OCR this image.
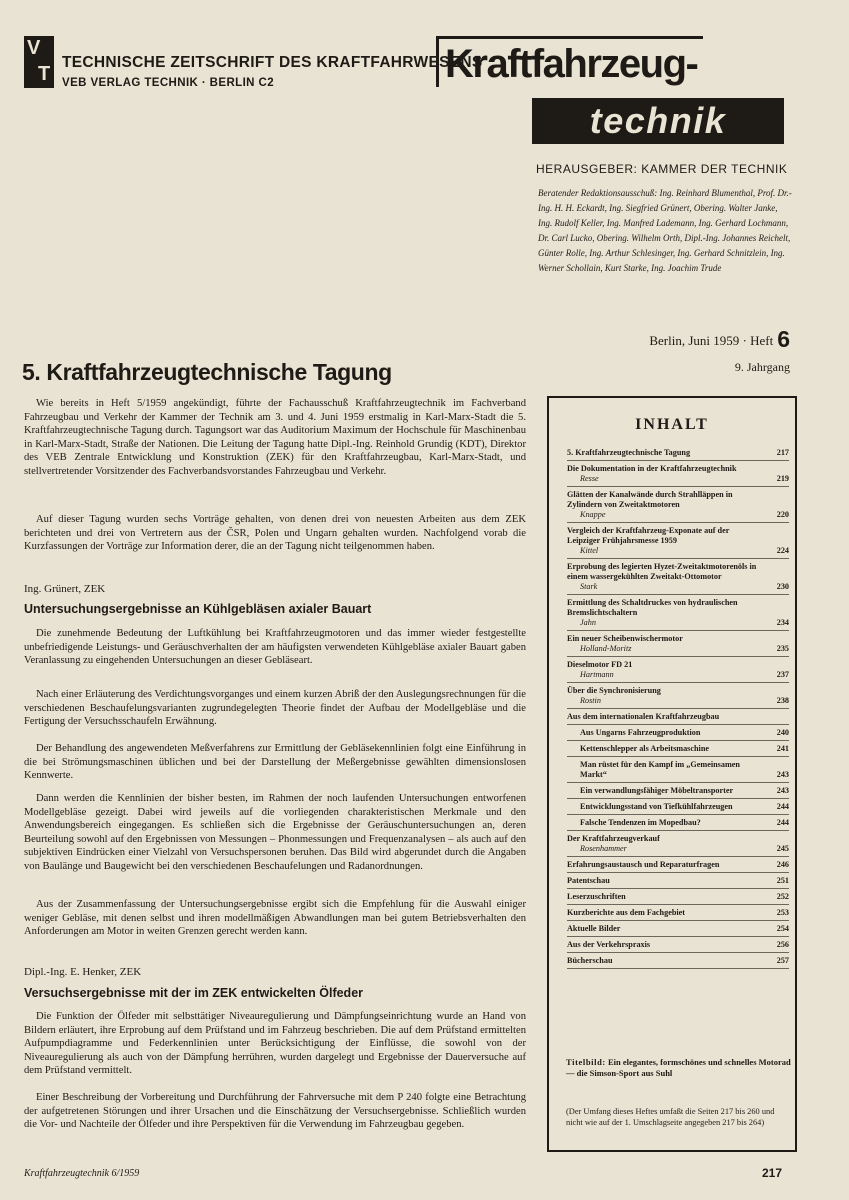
V
T
TECHNISCHE ZEITSCHRIFT DES KRAFTFAHRWESENS
VEB VERLAG TECHNIK · BERLIN C2	Kraftfahrzeug-
technik
HERAUSGEBER: KAMMER DER TECHNIK
Beratender Redaktionsausschuß: Ing. Reinhard Blumenthal, Prof. Dr.-Ing. H. H. Eckardt, Ing. Siegfried Grünert, Obering. Walter Janke, Ing. Rudolf Keller, Ing. Manfred Lademann, Ing. Gerhard Lochmann, Dr. Carl Lucko, Obering. Wilhelm Orth, Dipl.-Ing. Johannes Reichelt, Günter Rolle, Ing. Arthur Schlesinger, Ing. Gerhard Schnitzlein, Ing. Werner Schollain, Kurt Starke, Ing. Joachim Trude
Berlin, Juni 1959 · Heft 6
9. Jahrgang
5. Kraftfahrzeugtechnische Tagung

Wie bereits in Heft 5/1959 angekündigt, führte der Fachausschuß Kraftfahrzeugtechnik im Fachverband Fahrzeugbau und Verkehr der Kammer der Technik am 3. und 4. Juni 1959 erstmalig in Karl-Marx-Stadt die 5. Kraftfahrzeugtechnische Tagung durch. Tagungsort war das Auditorium Maximum der Hochschule für Maschinenbau in Karl-Marx-Stadt, Straße der Nationen. Die Leitung der Tagung hatte Dipl.-Ing. Reinhold Grundig (KDT), Direktor des VEB Zentrale Entwicklung und Konstruktion (ZEK) für den Kraftfahrzeugbau, Karl-Marx-Stadt, und stellvertretender Vorsitzender des Fachverbandsvorstandes Fahrzeugbau und Verkehr.

Auf dieser Tagung wurden sechs Vorträge gehalten, von denen drei von neuesten Arbeiten aus dem ZEK berichteten und drei von Vertretern aus der ČSR, Polen und Ungarn gehalten wurden. Nachfolgend vorab die Kurzfassungen der Vorträge zur Information derer, die an der Tagung nicht teilgenommen haben.

Ing. Grünert, ZEK
Untersuchungsergebnisse an Kühlgebläsen axialer Bauart

Die zunehmende Bedeutung der Luftkühlung bei Kraftfahrzeugmotoren und das immer wieder festgestellte unbefriedigende Leistungs- und Geräuschverhalten der am häufigsten verwendeten Kühlgebläse axialer Bauart gaben Veranlassung zu eingehenden Untersuchungen an dieser Gebläseart.

Nach einer Erläuterung des Verdichtungsvorganges und einem kurzen Abriß der den Auslegungsrechnungen für die verschiedenen Beschaufelungsvarianten zugrundegelegten Theorie findet der Aufbau der Modellgebläse und die Fertigung der Versuchsschaufeln Erwähnung.

Der Behandlung des angewendeten Meßverfahrens zur Ermittlung der Gebläsekennlinien folgt eine Einführung in die bei Strömungsmaschinen üblichen und bei der Darstellung der Meßergebnisse gewählten dimensionslosen Kennwerte.

Dann werden die Kennlinien der bisher besten, im Rahmen der noch laufenden Untersuchungen entworfenen Modellgebläse gezeigt. Dabei wird jeweils auf die vorliegenden charakteristischen Merkmale und den Anwendungsbereich eingegangen. Es schließen sich die Ergebnisse der Geräuschuntersuchungen an, deren Beurteilung sowohl auf den Ergebnissen von Messungen – Phonmessungen und Frequenzanalysen – als auch auf den subjektiven Eindrücken einer Vielzahl von Versuchspersonen beruhen. Das Bild wird abgerundet durch die Angaben von Baulänge und Baugewicht bei den verschiedenen Beschaufelungen und Radanordnungen.

Aus der Zusammenfassung der Untersuchungsergebnisse ergibt sich die Empfehlung für die Auswahl einiger weniger Gebläse, mit denen selbst und ihren modellmäßigen Abwandlungen man bei gutem Betriebsverhalten den Anforderungen am Motor in weiten Grenzen gerecht werden kann.

Dipl.-Ing. E. Henker, ZEK
Versuchsergebnisse mit der im ZEK entwickelten Ölfeder

Die Funktion der Ölfeder mit selbsttätiger Niveauregulierung und Dämpfungseinrichtung wurde an Hand von Bildern erläutert, ihre Erprobung auf dem Prüfstand und im Fahrzeug beschrieben. Die auf dem Prüfstand ermittelten Aufpumpdiagramme und Federkennlinien unter Berücksichtigung der Einflüsse, die sowohl von der Niveauregulierung als auch von der Dämpfung herrühren, wurden dargelegt und Ergebnisse der Dauerversuche auf dem Prüfstand vermittelt.

Einer Beschreibung der Vorbereitung und Durchführung der Fahrversuche mit dem P 240 folgte eine Betrachtung der aufgetretenen Störungen und ihrer Ursachen und die Einschätzung der Versuchsergebnisse. Schließlich wurden die Vor- und Nachteile der Ölfeder und ihre Perspektiven für die Verwendung im Fahrzeugbau gegeben.

INHALT
5. Kraftfahrzeugtechnische Tagung	217
Die Dokumentation in der Kraftfahrzeugtechnik
Resse	219
Glätten der Kanalwände durch Strahlläppen in Zylindern von Zweitaktmotoren
Knappe	220
Vergleich der Kraftfahrzeug-Exponate auf der Leipziger Frühjahrsmesse 1959
Kittel	224
Erprobung des legierten Hyzet-Zweitaktmotorenöls in einem wassergekühlten Zweitakt-Ottomotor
Stark	230
Ermittlung des Schaltdruckes von hydraulischen Bremslichtschaltern
Jahn	234
Ein neuer Scheibenwischermotor
Holland-Moritz	235
Dieselmotor FD 21
Hartmann	237
Über die Synchronisierung
Rostin	238
Aus dem internationalen Kraftfahrzeugbau
Aus Ungarns Fahrzeugproduktion	240
Kettenschlepper als Arbeitsmaschine	241
Man rüstet für den Kampf im „Gemeinsamen Markt“	243
Ein verwandlungsfähiger Möbeltransporter	243
Entwicklungsstand von Tiefkühlfahrzeugen	244
Falsche Tendenzen im Mopedbau?	244
Der Kraftfahrzeugverkauf
Rosenhammer	245
Erfahrungsaustausch und Reparaturfragen	246
Patentschau	251
Leserzuschriften	252
Kurzberichte aus dem Fachgebiet	253
Aktuelle Bilder	254
Aus der Verkehrspraxis	256
Bücherschau	257
Titelbild: Ein elegantes, formschönes und schnelles Motorad — die Simson-Sport aus Suhl
(Der Umfang dieses Heftes umfaßt die Seiten 217 bis 260 und nicht wie auf der 1. Umschlagseite angegeben 217 bis 264)
Kraftfahrzeugtechnik 6/1959	217
